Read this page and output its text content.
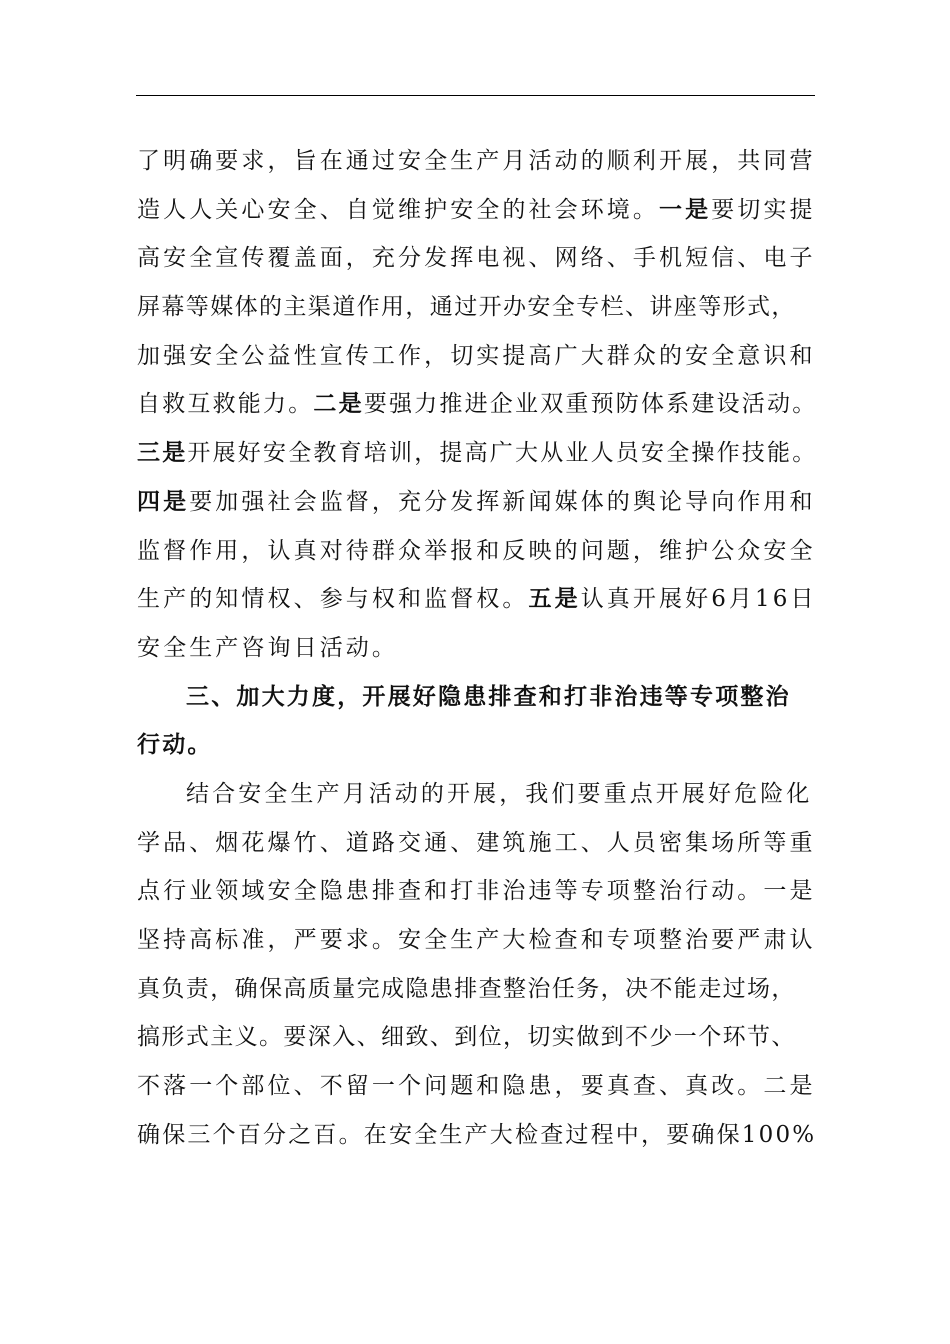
了明确要求，旨在通过安全生产月活动的顺利开展，共同营
造人人关心安全、自觉维护安全的社会环境。一是要切实提
高安全宣传覆盖面，充分发挥电视、网络、手机短信、电子
屏幕等媒体的主渠道作用，通过开办安全专栏、讲座等形式，
加强安全公益性宣传工作，切实提高广大群众的安全意识和
自救互救能力。二是要强力推进企业双重预防体系建设活动。
三是开展好安全教育培训，提高广大从业人员安全操作技能。
四是要加强社会监督，充分发挥新闻媒体的舆论导向作用和
监督作用，认真对待群众举报和反映的问题，维护公众安全
生产的知情权、参与权和监督权。五是认真开展好6月16日
安全生产咨询日活动。
三、加大力度，开展好隐患排查和打非治违等专项整治
行动。
结合安全生产月活动的开展，我们要重点开展好危险化
学品、烟花爆竹、道路交通、建筑施工、人员密集场所等重
点行业领域安全隐患排查和打非治违等专项整治行动。一是
坚持高标准，严要求。安全生产大检查和专项整治要严肃认
真负责，确保高质量完成隐患排查整治任务，决不能走过场，
搞形式主义。要深入、细致、到位，切实做到不少一个环节、
不落一个部位、不留一个问题和隐患，要真查、真改。二是
确保三个百分之百。在安全生产大检查过程中，要确保100%
